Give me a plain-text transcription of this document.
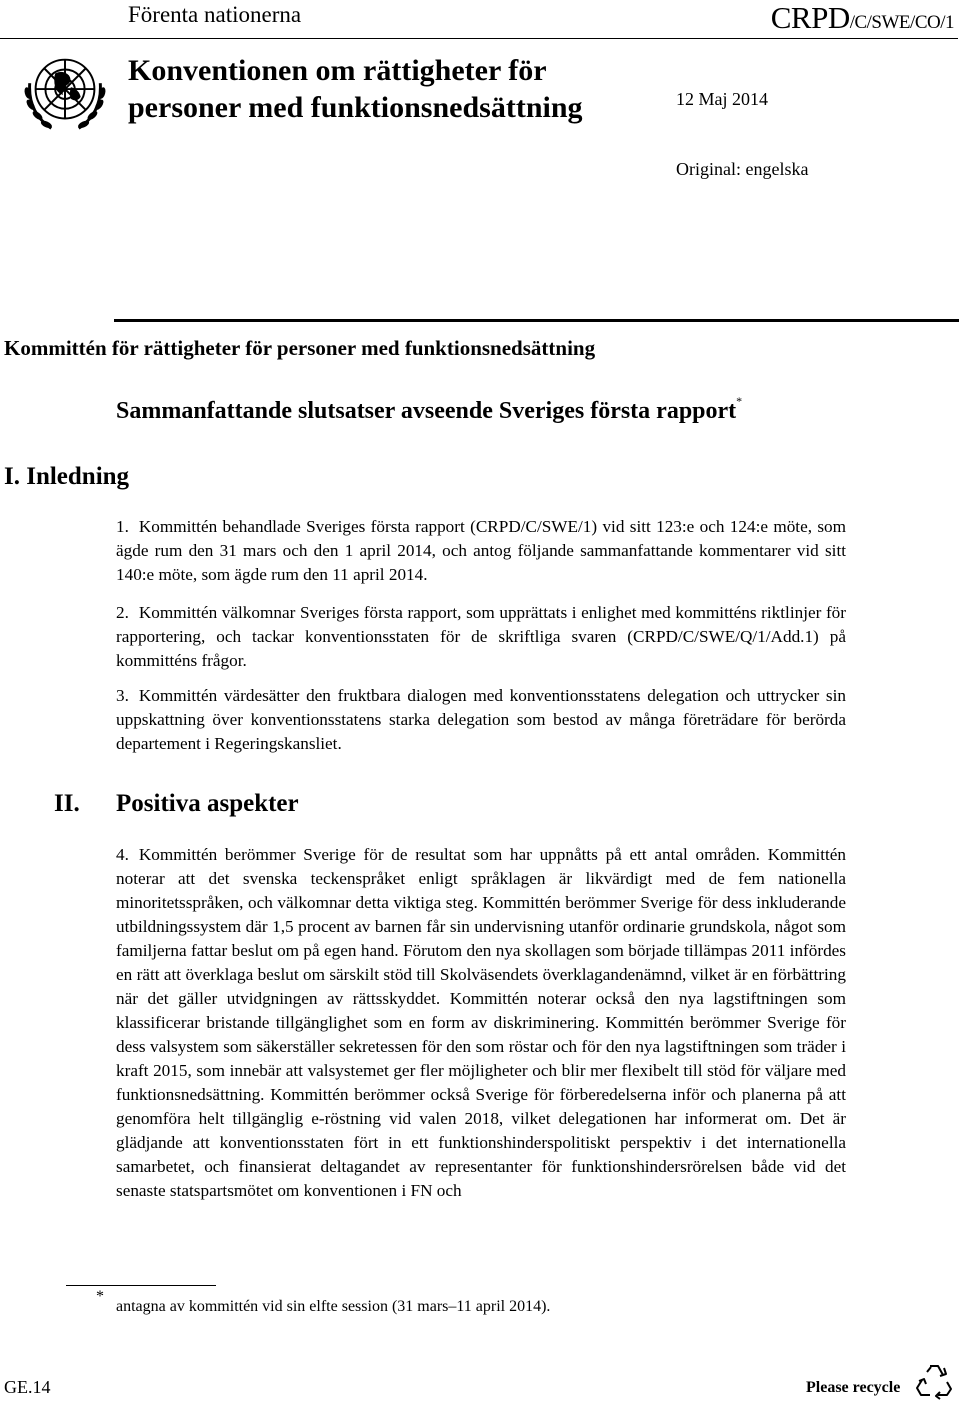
Förenta nationerna	CRPD/C/SWE/CO/1
Konventionen om rättigheter för personer med funktionsnedsättning	12 Maj 2014
Original: engelska
Kommittén för rättigheter för personer med funktionsnedsättning
Sammanfattande slutsatser avseende Sveriges första rapport*
I. Inledning

1. Kommittén behandlade Sveriges första rapport (CRPD/C/SWE/1) vid sitt 123:e och 124:e möte, som ägde rum den 31 mars och den 1 april 2014, och antog följande sammanfattande kommentarer vid sitt 140:e möte, som ägde rum den 11 april 2014.

2. Kommittén välkomnar Sveriges första rapport, som upprättats i enlighet med kommitténs riktlinjer för rapportering, och tackar konventionsstaten för de skriftliga svaren (CRPD/C/SWE/Q/1/Add.1) på kommitténs frågor.

3. Kommittén värdesätter den fruktbara dialogen med konventionsstatens delegation och uttrycker sin uppskattning över konventionsstatens starka delegation som bestod av många företrädare för berörda departement i Regeringskansliet.

II. Positiva aspekter

4. Kommittén berömmer Sverige för de resultat som har uppnåtts på ett antal områden. Kommittén noterar att det svenska teckenspråket enligt språklagen är likvärdigt med de fem nationella minoritetsspråken, och välkomnar detta viktiga steg. Kommittén berömmer Sverige för dess inkluderande utbildningssystem där 1,5 procent av barnen får sin undervisning utanför ordinarie grundskola, något som familjerna fattar beslut om på egen hand. Förutom den nya skollagen som började tillämpas 2011 infördes en rätt att överklaga beslut om särskilt stöd till Skolväsendets överklagandenämnd, vilket är en förbättring när det gäller utvidgningen av rättsskyddet. Kommittén noterar också den nya lagstiftningen som klassificerar bristande tillgänglighet som en form av diskriminering. Kommittén berömmer Sverige för dess valsystem som säkerställer sekretessen för den som röstar och för den nya lagstiftningen som träder i kraft 2015, som innebär att valsystemet ger fler möjligheter och blir mer flexibelt till stöd för väljare med funktionsnedsättning. Kommittén berömmer också Sverige för förberedelserna inför och planerna på att genomföra helt tillgänglig e-röstning vid valen 2018, vilket delegationen har informerat om. Det är glädjande att konventionsstaten fört in ett funktionshinderspolitiskt perspektiv i det internationella samarbetet, och finansierat deltagandet av representanter för funktionshindersrörelsen både vid det senaste statspartsmötet om konventionen i FN och

*
antagna av kommittén vid sin elfte session (31 mars–11 april 2014).
GE.14	Please recycle
